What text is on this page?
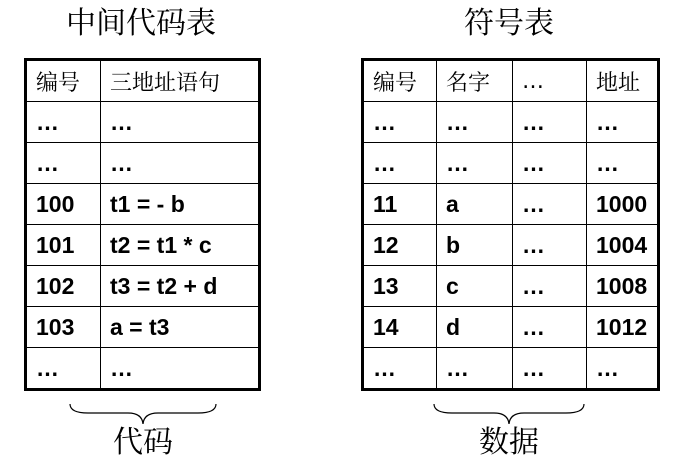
中间代码表
编号	三地址语句
…	…
…	…
100	t1 = - b
101	t2 = t1 * c
102	t3 = t2 + d
103	a = t3
…	…
代码
符号表
编号	名字	…	地址
…	…	…	…
…	…	…	…
11	a	…	1000
12	b	…	1004
13	c	…	1008
14	d	…	1012
…	…	…	…
数据
